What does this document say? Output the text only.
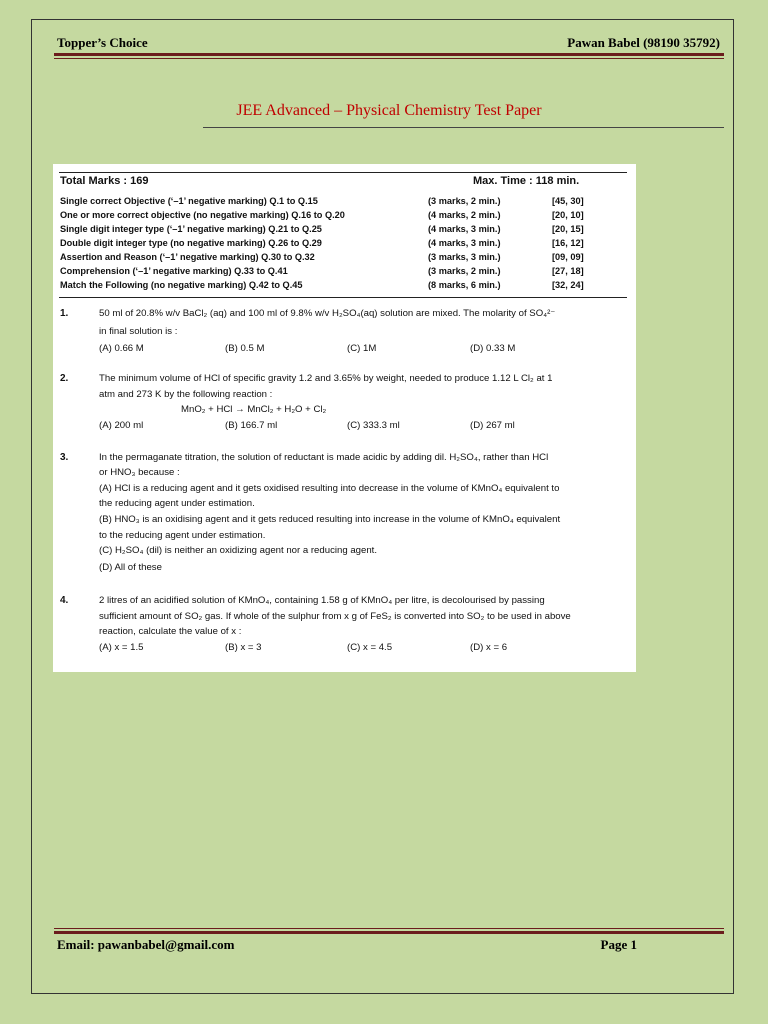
Topper’s Choice	Pawan Babel (98190 35792)
JEE Advanced – Physical Chemistry Test Paper
Total Marks : 169	Max. Time : 118 min.
Single correct Objective (‘–1’ negative marking) Q.1 to Q.15	(3 marks, 2 min.)	[45, 30]
One or more correct objective (no negative marking) Q.16 to Q.20	(4 marks, 2 min.)	[20, 10]
Single digit integer type (‘–1’ negative marking) Q.21 to Q.25	(4 marks, 3 min.)	[20, 15]
Double digit integer type (no negative marking) Q.26 to Q.29	(4 marks, 3 min.)	[16, 12]
Assertion and Reason (‘–1’ negative marking) Q.30 to Q.32	(3 marks, 3 min.)	[09, 09]
Comprehension (‘–1’ negative marking) Q.33 to Q.41	(3 marks, 2 min.)	[27, 18]
Match the Following (no negative marking) Q.42 to Q.45	(8 marks, 6 min.)	[32, 24]
1.	50 ml of 20.8% w/v BaCl₂ (aq) and 100 ml of 9.8% w/v H₂SO₄(aq) solution are mixed. The molarity of SO₄²⁻
in final solution is :
(A) 0.66 M	(B) 0.5 M	(C) 1M	(D) 0.33 M
2.	The minimum volume of HCl of specific gravity 1.2 and 3.65% by weight, needed to produce 1.12 L Cl₂ at 1
atm and 273 K by the following reaction :
MnO₂ + HCl → MnCl₂ + H₂O + Cl₂
(A) 200 ml	(B) 166.7 ml	(C) 333.3 ml	(D) 267 ml
3.	In the permaganate titration, the solution of reductant is made acidic by adding dil. H₂SO₄, rather than HCl
or HNO₃ because :
(A) HCl is a reducing agent and it gets oxidised resulting into decrease in the volume of KMnO₄ equivalent to
the reducing agent under estimation.
(B) HNO₃ is an oxidising agent and it gets reduced resulting into increase in the volume of KMnO₄ equivalent
to the reducing agent under estimation.
(C) H₂SO₄ (dil) is neither an oxidizing agent nor a reducing agent.
(D) All of these
4.	2 litres of an acidified solution of KMnO₄, containing 1.58 g of KMnO₄ per litre, is decolourised by passing
sufficient amount of SO₂ gas. If whole of the sulphur from x g of FeS₂ is converted into SO₂ to be used in above
reaction, calculate the value of x :
(A) x = 1.5	(B) x = 3	(C) x = 4.5	(D) x = 6
Email: pawanbabel@gmail.com	Page 1
